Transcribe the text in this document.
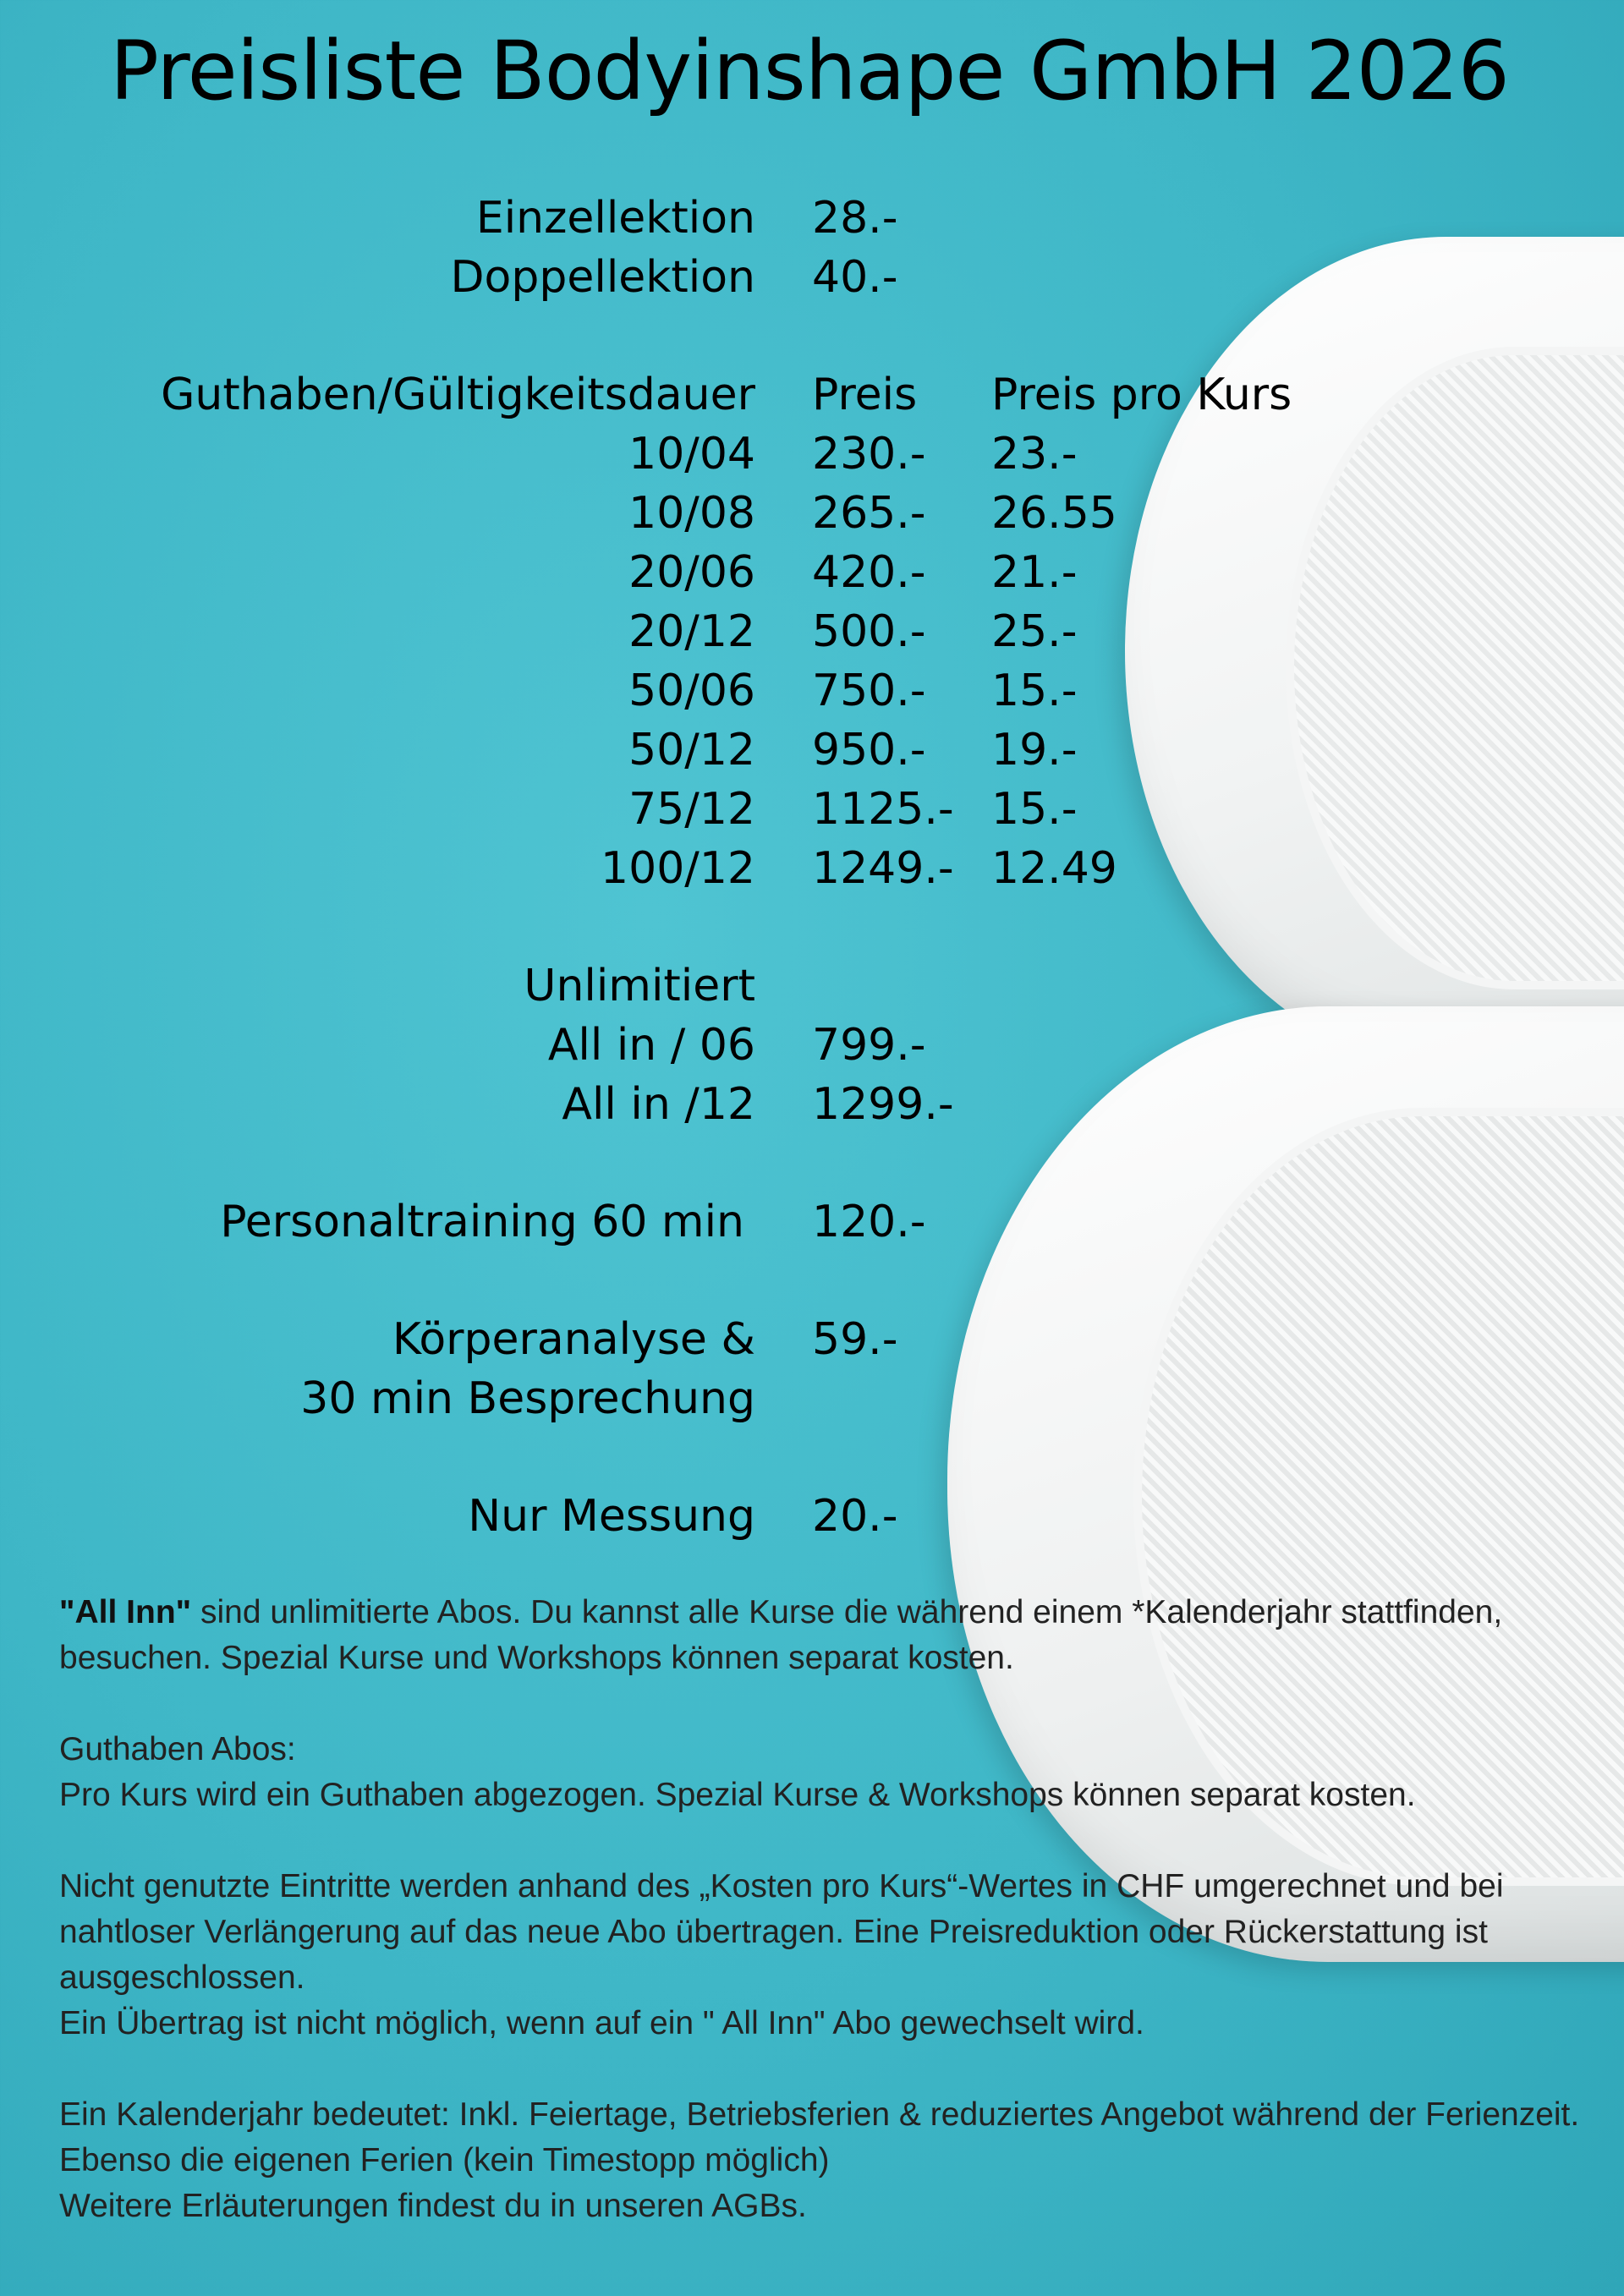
Preisliste Bodyinshape GmbH 2026
Einzellektion 28.-
Doppellektion 40.-
Guthaben/Gültigkeitsdauer Preis Preis pro Kurs
10/04 230.- 23.-
10/08 265.- 26.55
20/06 420.- 21.-
20/12 500.- 25.-
50/06 750.- 15.-
50/12 950.- 19.-
75/12 1125.- 15.-
100/12 1249.- 12.49
Unlimitiert
All in / 06 799.-
All in /12 1299.-
Personaltraining 60 min 120.-
Körperanalyse & 59.-
30 min Besprechung
Nur Messung 20.-

"All Inn" sind unlimitierte Abos. Du kannst alle Kurse die während einem *Kalenderjahr stattfinden, besuchen. Spezial Kurse und Workshops können separat kosten.

Guthaben Abos:
Pro Kurs wird ein Guthaben abgezogen. Spezial Kurse & Workshops können separat kosten.

Nicht genutzte Eintritte werden anhand des „Kosten pro Kurs“-Wertes in CHF umgerechnet und bei nahtloser Verlängerung auf das neue Abo übertragen. Eine Preisreduktion oder Rückerstattung ist ausgeschlossen.
Ein Übertrag ist nicht möglich, wenn auf ein " All Inn" Abo gewechselt wird.

Ein Kalenderjahr bedeutet: Inkl. Feiertage, Betriebsferien & reduziertes Angebot während der Ferienzeit. Ebenso die eigenen Ferien (kein Timestopp möglich)
Weitere Erläuterungen findest du in unseren AGBs.
